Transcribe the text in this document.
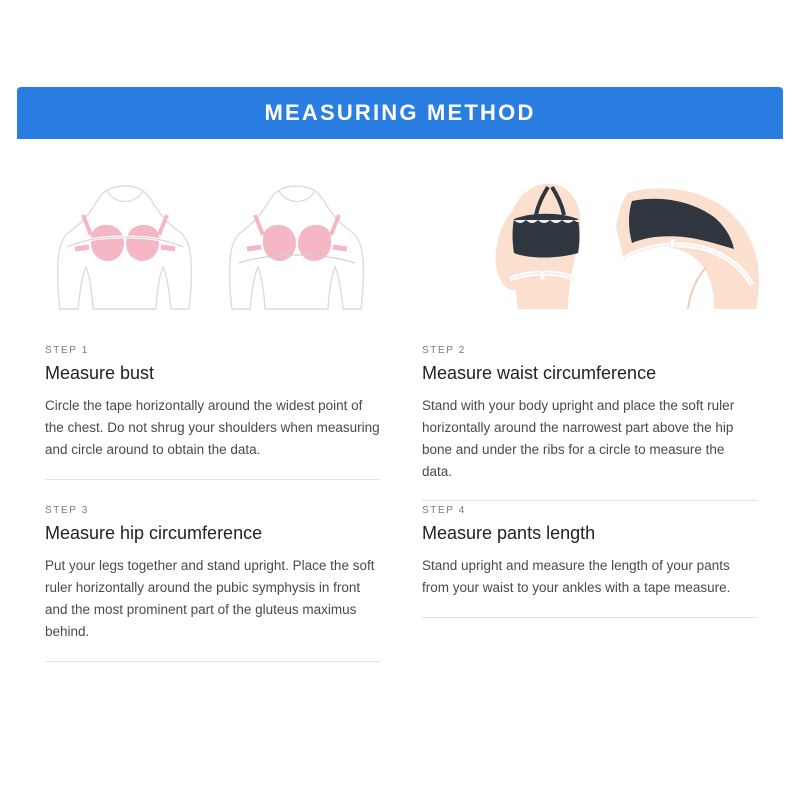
MEASURING METHOD
STEP 1
Measure bust

Circle the tape horizontally around the widest point of the chest. Do not shrug your shoulders when measuring and circle around to obtain the data.

STEP 2
Measure waist circumference

Stand with your body upright and place the soft ruler horizontally around the narrowest part above the hip bone and under the ribs for a circle to measure the data.

STEP 3
Measure hip circumference

Put your legs together and stand upright. Place the soft ruler horizontally around the pubic symphysis in front and the most prominent part of the gluteus maximus behind.

STEP 4
Measure pants length

Stand upright and measure the length of your pants from your waist to your ankles with a tape measure.
